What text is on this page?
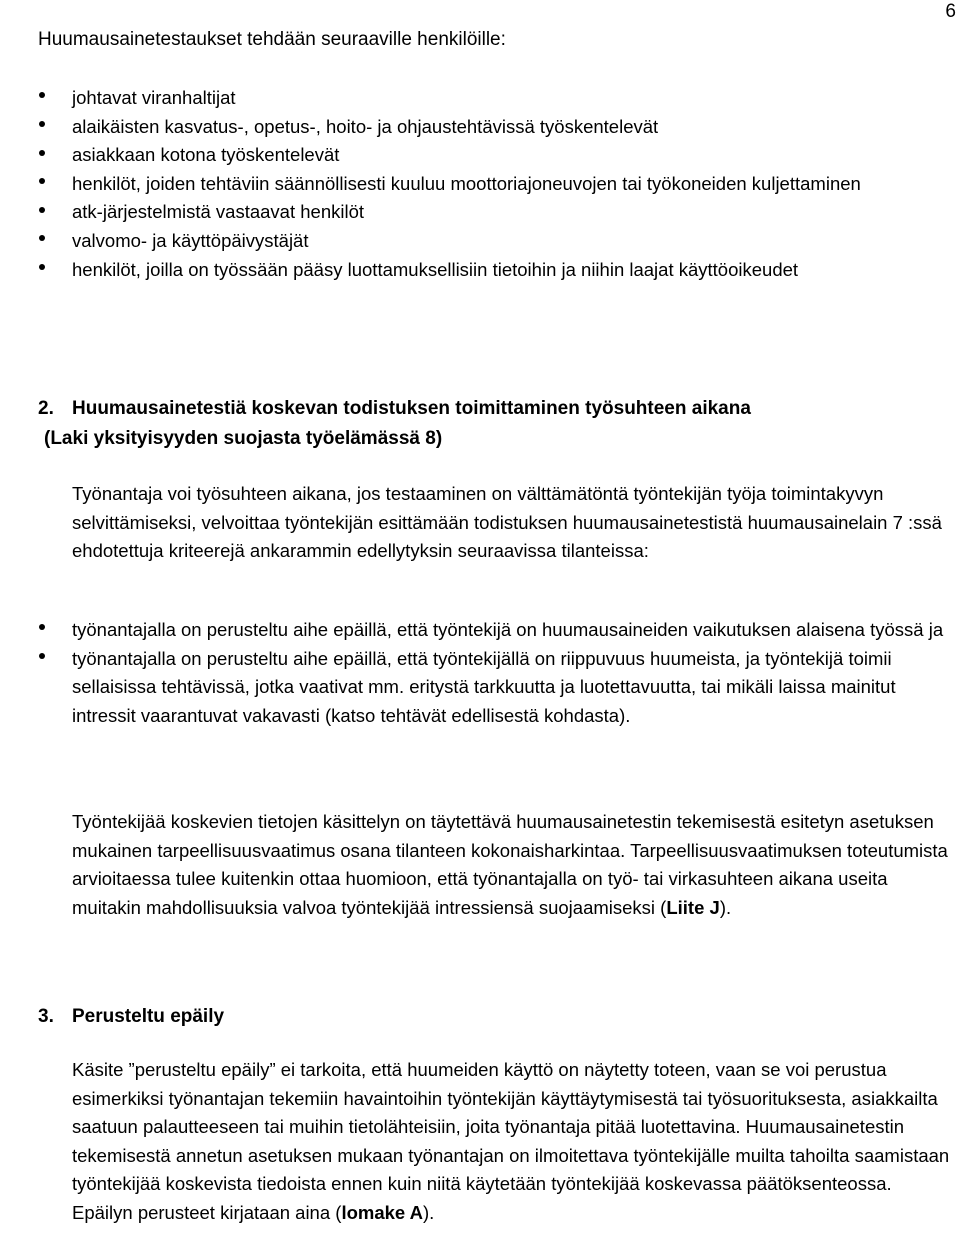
6
Huumausainetestaukset tehdään seuraaville henkilöille:
johtavat viranhaltijat
alaikäisten kasvatus-, opetus-, hoito- ja ohjaustehtävissä työskentelevät
asiakkaan kotona työskentelevät
henkilöt, joiden tehtäviin säännöllisesti kuuluu moottoriajoneuvojen tai työkoneiden kuljettaminen
atk-järjestelmistä vastaavat henkilöt
valvomo- ja käyttöpäivystäjät
henkilöt, joilla on työssään pääsy luottamuksellisiin tietoihin ja niihin laajat käyttöoikeudet
2. Huumausainetestiä koskevan todistuksen toimittaminen työsuhteen aikana
(Laki yksityisyyden suojasta työelämässä 8)
Työnantaja voi työsuhteen aikana, jos testaaminen on välttämätöntä työntekijän työja toimintakyvyn selvittämiseksi, velvoittaa työntekijän esittämään todistuksen huumausainetestistä huumausainelain 7 :ssä ehdotettuja kriteerejä ankarammin edellytyksin seuraavissa tilanteissa:
työnantajalla on perusteltu aihe epäillä, että työntekijä on huumausaineiden vaikutuksen alaisena työssä ja
työnantajalla on perusteltu aihe epäillä, että työntekijällä on riippuvuus huumeista, ja työntekijä toimii sellaisissa tehtävissä, jotka vaativat mm. eritystä tarkkuutta ja luotettavuutta, tai mikäli laissa mainitut intressit vaarantuvat vakavasti (katso tehtävät edellisestä kohdasta).
Työntekijää koskevien tietojen käsittelyn on täytettävä huumausainetestin tekemisestä esitetyn asetuksen mukainen tarpeellisuusvaatimus osana tilanteen kokonaisharkintaa. Tarpeellisuusvaatimuksen toteutumista arvioitaessa tulee kuitenkin ottaa huomioon, että työnantajalla on työ- tai virkasuhteen aikana useita muitakin mahdollisuuksia valvoa työntekijää intressiensä suojaamiseksi (Liite J).
3. Perusteltu epäily
Käsite ”perusteltu epäily” ei tarkoita, että huumeiden käyttö on näytetty toteen, vaan se voi perustua esimerkiksi työnantajan tekemiin havaintoihin työntekijän käyttäytymisestä tai työsuorituksesta, asiakkailta saatuun palautteeseen tai muihin tietolähteisiin, joita työnantaja pitää luotettavina. Huumausainetestin tekemisestä annetun asetuksen mukaan työnantajan on ilmoitettava työntekijälle muilta tahoilta saamistaan työntekijää koskevista tiedoista ennen kuin niitä käytetään työntekijää koskevassa päätöksenteossa. Epäilyn perusteet kirjataan aina (lomake A).
